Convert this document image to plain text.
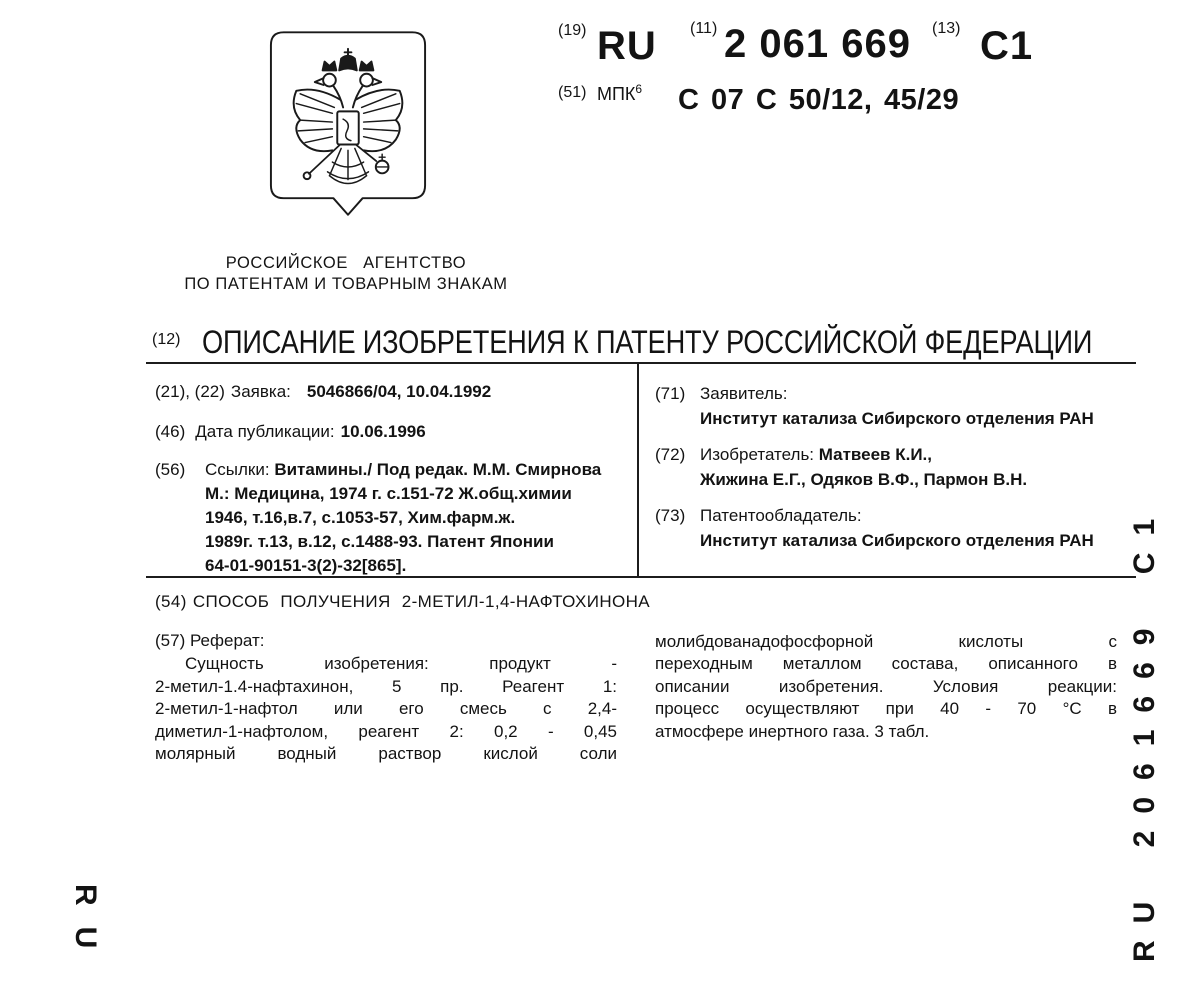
(19) RU (11) 2 061 669 (13) C1
(51) МПК$^6$ C 07 C 50/12, 45/29
РОССИЙСКОЕ АГЕНТСТВО
ПО ПАТЕНТАМ И ТОВАРНЫМ ЗНАКАМ
(12) ОПИСАНИЕ ИЗОБРЕТЕНИЯ К ПАТЕНТУ РОССИЙСКОЙ ФЕДЕРАЦИИ
(21), (22) Заявка: 5046866/04, 10.04.1992
(46) Дата публикации: 10.06.1996
(56)	Ссылки: Витамины./ Под редак. М.М. Смирнова
М.: Медицина, 1974 г. с.151-72 Ж.общ.химии
1946, т.16,в.7, с.1053-57, Хим.фарм.ж.
1989г. т.13, в.12, с.1488-93. Патент Японии
64-01-90151-3(2)-32[865].
(71) Заявитель:
Институт катализа Сибирского отделения РАН
(72) Изобретатель: Матвеев К.И.,
Жижина Е.Г., Одяков В.Ф., Пармон В.Н.
(73) Патентообладатель:
Институт катализа Сибирского отделения РАН
(54) СПОСОБ ПОЛУЧЕНИЯ 2-МЕТИЛ-1,4-НАФТОХИНОНА
(57) Реферат:
Сущность изобретения: продукт -
2-метил-1.4-нафтахинон, 5 пр. Реагент 1:
2-метил-1-нафтол или его смесь с 2,4-
диметил-1-нафтолом, реагент 2: 0,2 - 0,45
молярный водный раствор кислой соли
молибдованадофосфорной кислоты с
переходным металлом состава, описанного в
описании изобретения. Условия реакции:
процесс осуществляют при 40 - 70 °С в
атмосфере инертного газа. 3 табл.	RU 2061669 C1
RU
